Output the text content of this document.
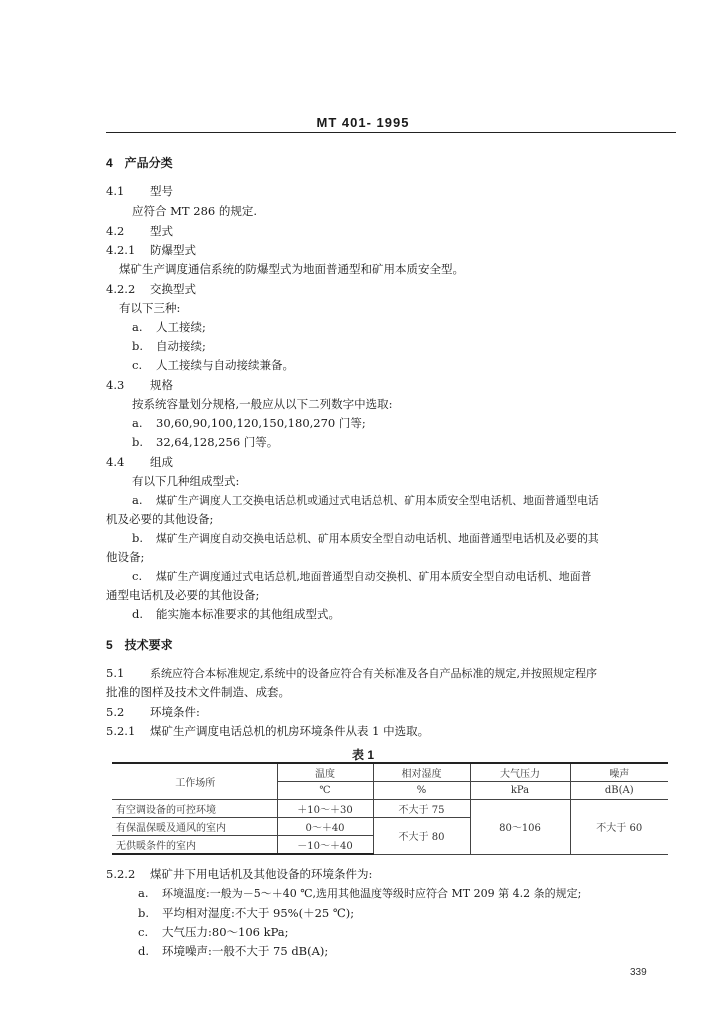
MT 401- 1995
4　产品分类
4.1 型号
应符合 MT 286 的规定.
4.2 型式
4.2.1 防爆型式
煤矿生产调度通信系统的防爆型式为地面普通型和矿用本质安全型。
4.2.2 交换型式
有以下三种:
a. 人工接续;
b. 自动接续;
c. 人工接续与自动接续兼备。
4.3 规格
按系统容量划分规格,一般应从以下二列数字中选取:
a. 30,60,90,100,120,150,180,270 门等;
b. 32,64,128,256 门等。
4.4 组成
有以下几种组成型式:
a. 煤矿生产调度人工交换电话总机或通过式电话总机、矿用本质安全型电话机、地面普通型电话
机及必要的其他设备;
b. 煤矿生产调度自动交换电话总机、矿用本质安全型自动电话机、地面普通型电话机及必要的其
他设备;
c. 煤矿生产调度通过式电话总机,地面普通型自动交换机、矿用本质安全型自动电话机、地面普
通型电话机及必要的其他设备;
d. 能实施本标准要求的其他组成型式。
5　技术要求
5.1 系统应符合本标准规定,系统中的设备应符合有关标准及各自产品标准的规定,并按照规定程序
批准的图样及技术文件制造、成套。
5.2 环境条件:
5.2.1 煤矿生产调度电话总机的机房环境条件从表 1 中选取。
表 1
工作场所	温度	相对湿度	大气压力	噪声
	℃	%	kPa	dB(A)
有空调设备的可控环境	＋10～＋30	不大于 75	80～106	不大于 60
有保温保暖及通风的室内	0～＋40	不大于 80		
无供暖条件的室内	－10～＋40			
5.2.2 煤矿井下用电话机及其他设备的环境条件为:
a. 环境温度:一般为－5～＋40 ℃,选用其他温度等级时应符合 MT 209 第 4.2 条的规定;
b. 平均相对湿度:不大于 95%(＋25 ℃);
c. 大气压力:80～106 kPa;
d. 环境噪声:一般不大于 75 dB(A);
339
